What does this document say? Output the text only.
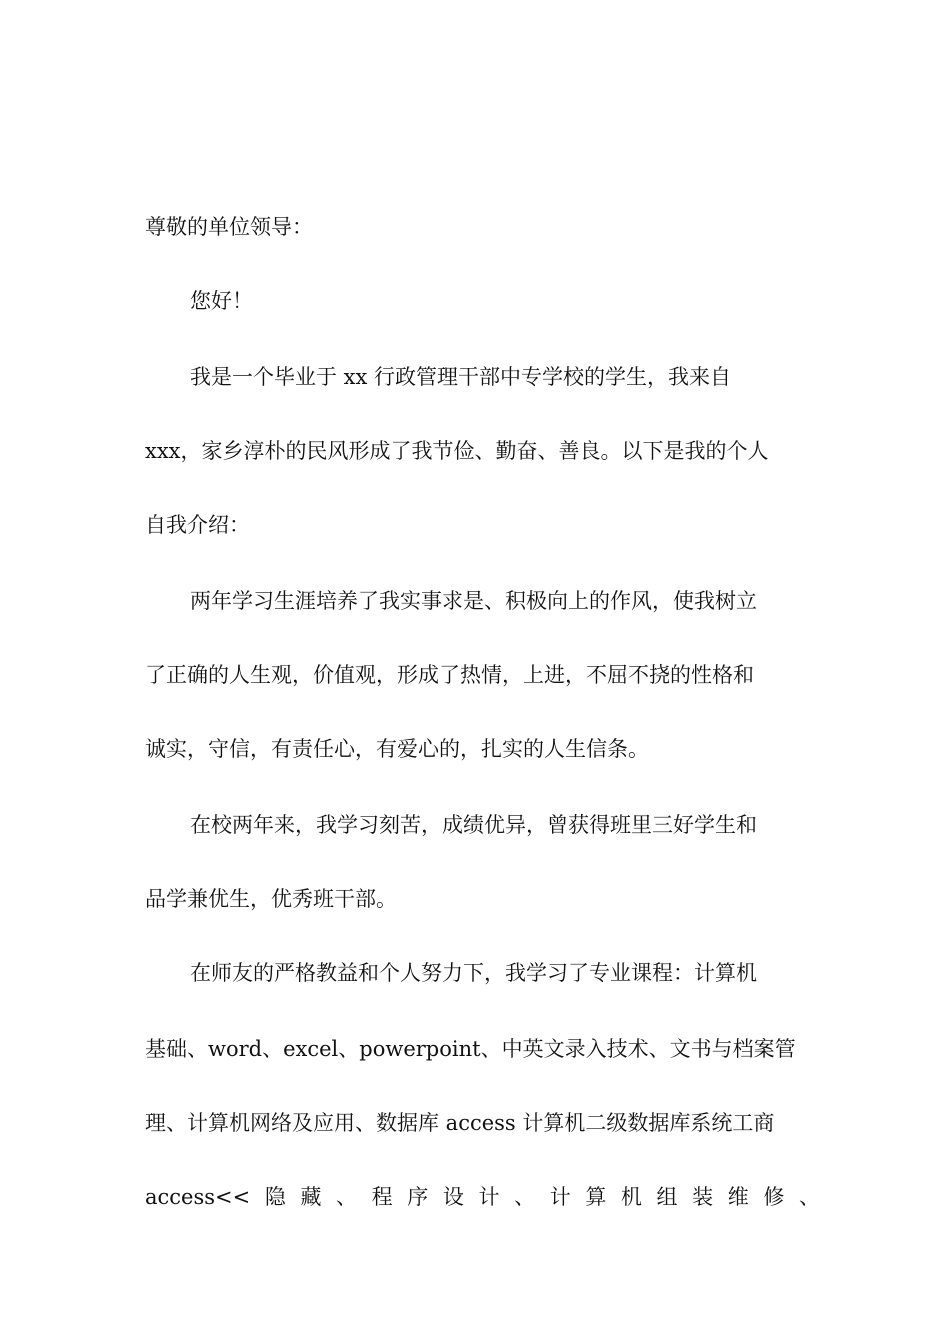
尊敬的单位领导：
您好！
我是一个毕业于 xx 行政管理干部中专学校的学生，我来自
xxx，家乡淳朴的民风形成了我节俭、勤奋、善良。以下是我的个人
自我介绍：
两年学习生涯培养了我实事求是、积极向上的作风，使我树立
了正确的人生观，价值观，形成了热情，上进，不屈不挠的性格和
诚实，守信，有责任心，有爱心的，扎实的人生信条。
在校两年来，我学习刻苦，成绩优异，曾获得班里三好学生和
品学兼优生，优秀班干部。
在师友的严格教益和个人努力下，我学习了专业课程：计算机
基础、word、excel、powerpoint、中英文录入技术、文书与档案管
理、计算机网络及应用、数据库 access 计算机二级数据库系统工商
access<< 隐 藏 、 程 序 设 计 、 计 算 机 组 装 维 修 、
